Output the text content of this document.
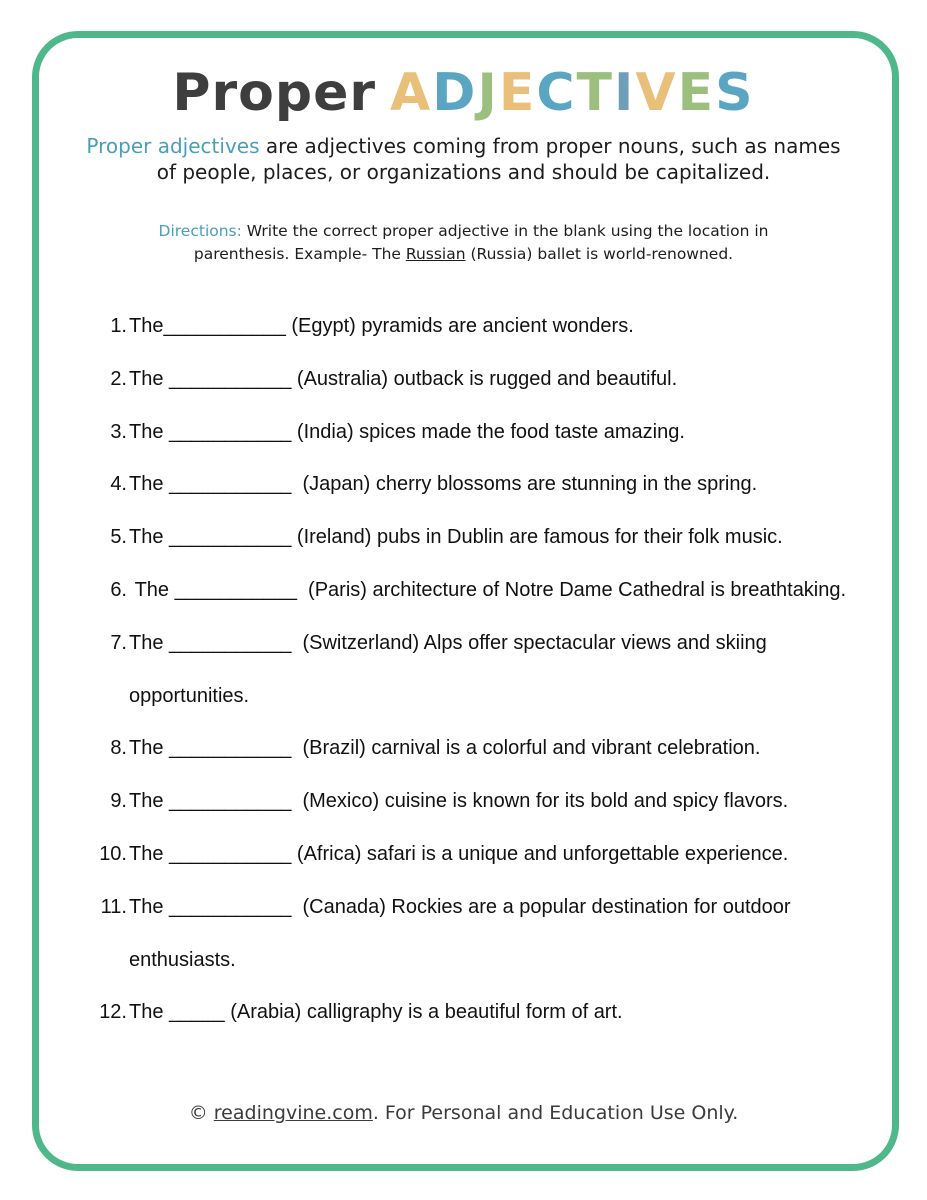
Proper ADJECTIVES
Proper adjectives are adjectives coming from proper nouns, such as names of people, places, or organizations and should be capitalized.
Directions: Write the correct proper adjective in the blank using the location in parenthesis. Example- The Russian (Russia) ballet is world-renowned.
1. The___________ (Egypt) pyramids are ancient wonders.
2. The ___________ (Australia) outback is rugged and beautiful.
3. The ___________ (India) spices made the food taste amazing.
4. The ___________  (Japan) cherry blossoms are stunning in the spring.
5. The ___________ (Ireland) pubs in Dublin are famous for their folk music.
6. The ___________  (Paris) architecture of Notre Dame Cathedral is breathtaking.
7. The ___________  (Switzerland) Alps offer spectacular views and skiing opportunities.
8. The ___________  (Brazil) carnival is a colorful and vibrant celebration.
9. The ___________  (Mexico) cuisine is known for its bold and spicy flavors.
10. The ___________ (Africa) safari is a unique and unforgettable experience.
11. The ___________  (Canada) Rockies are a popular destination for outdoor enthusiasts.
12. The _____ (Arabia) calligraphy is a beautiful form of art.
© readingvine.com. For Personal and Education Use Only.
